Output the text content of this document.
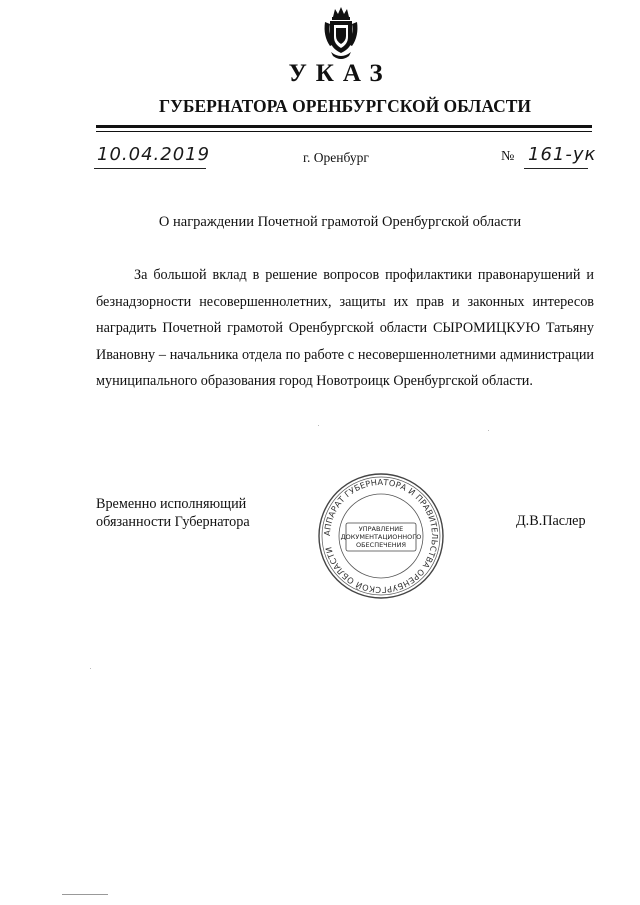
УКАЗ
ГУБЕРНАТОРА ОРЕНБУРГСКОЙ ОБЛАСТИ
10.04.2019	г. Оренбург	№ 161-ук
О награждении Почетной грамотой Оренбургской области
За большой вклад в решение вопросов профилактики правонарушений и безнадзорности несовершеннолетних, защиты их прав и законных интересов наградить Почетной грамотой Оренбургской области СЫРОМИЦКУЮ Татьяну Ивановну – начальника отдела по работе с несовершеннолетними администрации муниципального образования город Новотроицк Оренбургской области.
Временно исполняющий
обязанности Губернатора	Д.В.Паслер
АППАРАТ ГУБЕРНАТОРА И ПРАВИТЕЛЬСТВА ОРЕНБУРГСКОЙ ОБЛАСТИ
УПРАВЛЕНИЕ
ДОКУМЕНТАЦИОННОГО
ОБЕСПЕЧЕНИЯ
